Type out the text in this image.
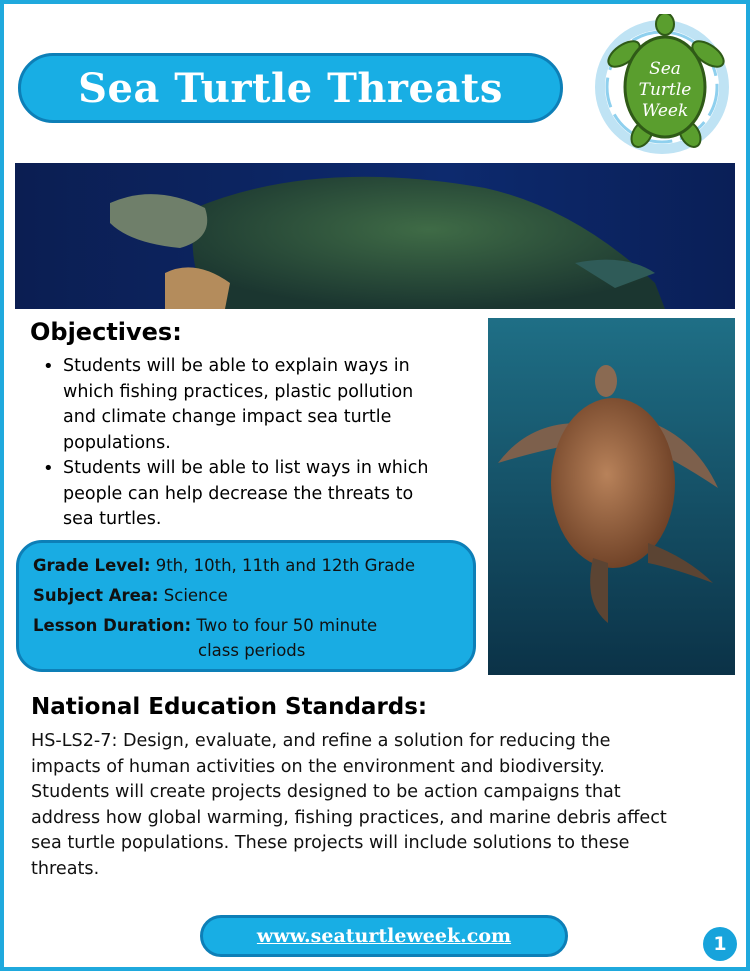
Sea Turtle Threats	Sea
Turtle
Week
Objectives:
• Students will be able to explain ways in
which fishing practices, plastic pollution
and climate change impact sea turtle
populations.
• Students will be able to list ways in which
people can help decrease the threats to
sea turtles.
Grade Level: 9th, 10th, 11th and 12th Grade
Subject Area: Science
Lesson Duration: Two to four 50 minute
class periods
National Education Standards:
HS-LS2-7: Design, evaluate, and refine a solution for reducing the
impacts of human activities on the environment and biodiversity.
Students will create projects designed to be action campaigns that
address how global warming, fishing practices, and marine debris affect
sea turtle populations. These projects will include solutions to these
threats.
www.seaturtleweek.com	1
